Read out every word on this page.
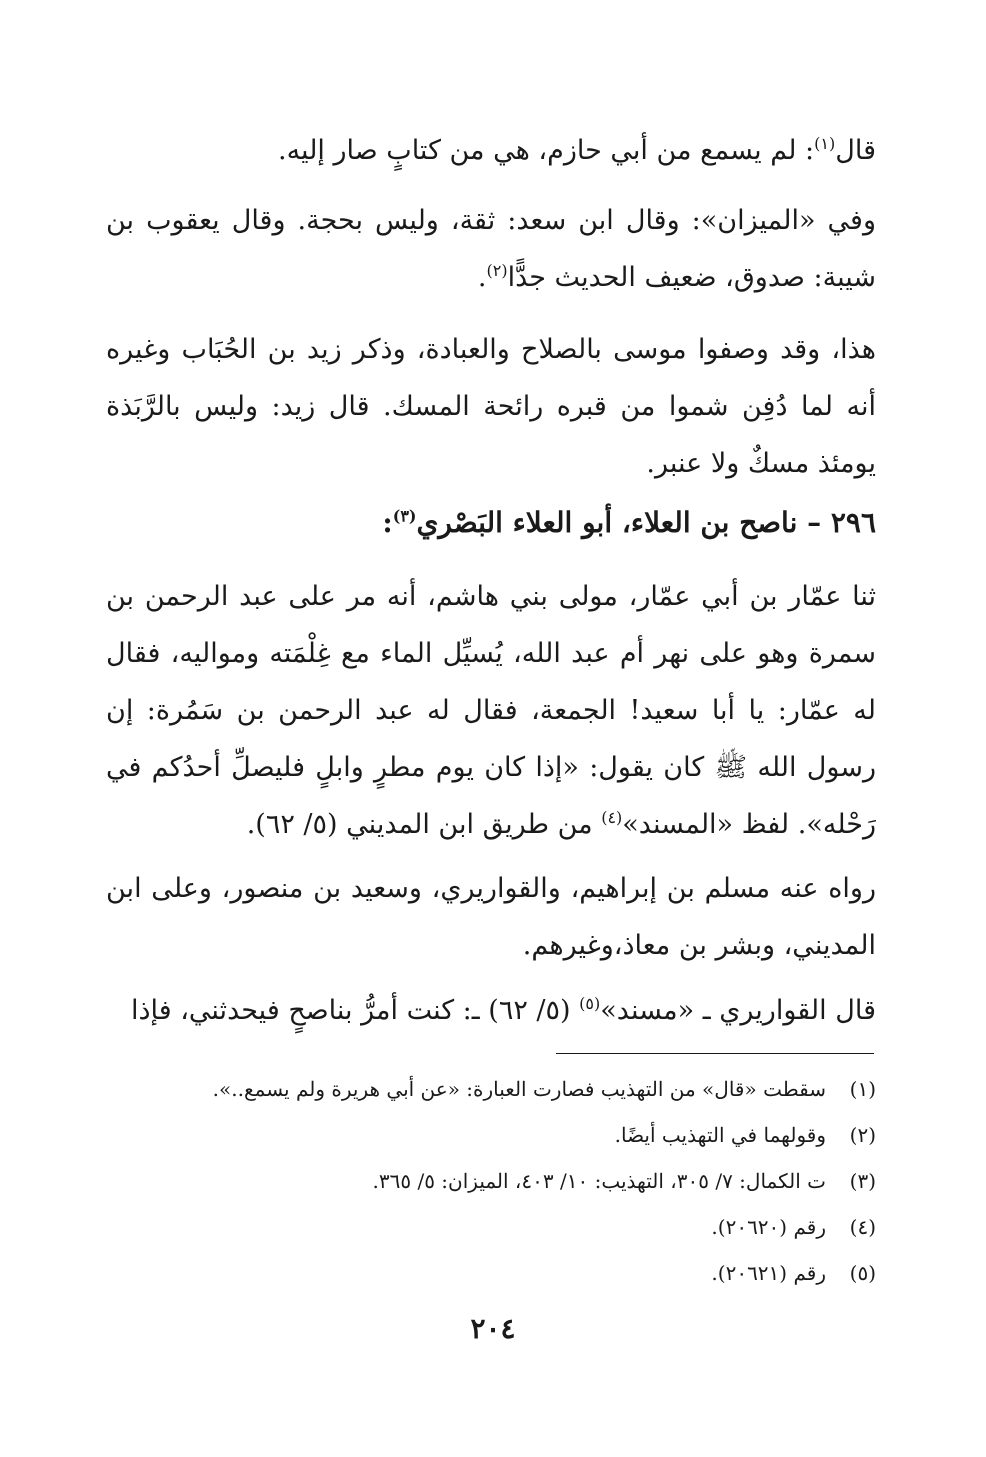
قال$^{(١)}$: لم يسمع من أبي حازم، هي من كتابٍ صار إليه.

وفي «الميزان»: وقال ابن سعد: ثقة، وليس بحجة. وقال يعقوب بن شيبة: صدوق، ضعيف الحديث جدًّا$^{(٢)}$.

هذا، وقد وصفوا موسى بالصلاح والعبادة، وذكر زيد بن الحُبَاب وغيره أنه لما دُفِن شموا من قبره رائحة المسك. قال زيد: وليس بالرَّبَذة يومئذ مسكٌ ولا عنبر.

٢٩٦ – ناصح بن العلاء، أبو العلاء البَصْري$^{(٣)}$:

ثنا عمّار بن أبي عمّار، مولى بني هاشم، أنه مر على عبد الرحمن بن سمرة وهو على نهر أم عبد الله، يُسيِّل الماء مع غِلْمَته ومواليه، فقال له عمّار: يا أبا سعيد! الجمعة، فقال له عبد الرحمن بن سَمُرة: إن رسول الله ﷺ كان يقول: «إذا كان يوم مطرٍ وابلٍ فليصلِّ أحدُكم في رَحْله». لفظ «المسند»$^{(٤)}$ من طريق ابن المديني (٥/ ٦٢).

رواه عنه مسلم بن إبراهيم، والقواريري، وسعيد بن منصور، وعلى ابن المديني، وبشر بن معاذ،وغيرهم.

قال القواريري ـ «مسند»$^{(٥)}$ (٥/ ٦٢) ـ: كنت أمرُّ بناصحٍ فيحدثني، فإذا

(١)
سقطت «قال» من التهذيب فصارت العبارة: «عن أبي هريرة ولم يسمع..».
(٢)
وقولهما في التهذيب أيضًا.
(٣)
ت الكمال: ٧/ ٣٠٥، التهذيب: ١٠/ ٤٠٣، الميزان: ٥/ ٣٦٥.
(٤)
رقم (٢٠٦٢٠).
(٥)
رقم (٢٠٦٢١).
٢٠٤
